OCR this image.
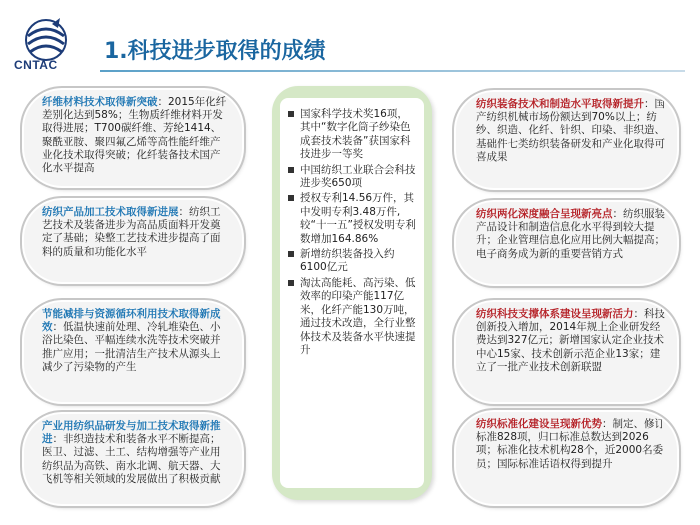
CNTAC
1.科技进步取得的成绩
纤维材料技术取得新突破：2015年化纤差别化达到58%；生物质纤维材料开发取得进展；T700碳纤维、芳纶1414、聚酰亚胺、聚四氟乙烯等高性能纤维产业化技术取得突破；化纤装备技术国产化水平提高
纺织产品加工技术取得新进展：纺织工艺技术及装备进步为高品质面料开发奠定了基础；染整工艺技术进步提高了面料的质量和功能化水平
节能减排与资源循环利用技术取得新成效：低温快速前处理、冷轧堆染色、小浴比染色、平幅连续水洗等技术突破并推广应用；一批清洁生产技术从源头上减少了污染物的产生
产业用纺织品研发与加工技术取得新推进：非织造技术和装备水平不断提高；医卫、过滤、土工、结构增强等产业用纺织品为高铁、南水北调、航天器、大飞机等相关领域的发展做出了积极贡献
国家科学技术奖16项，其中“数字化筒子纱染色成套技术装备”获国家科技进步一等奖
中国纺织工业联合会科技进步奖650项
授权专利14.56万件，其中发明专利3.48万件,较“十一五”授权发明专利数增加164.86%
新增纺织装备投入约6100亿元
淘汰高能耗、高污染、低效率的印染产能117亿米，化纤产能130万吨，通过技术改造，全行业整体技术及装备水平快速提升
纺织装备技术和制造水平取得新提升：国产纺织机械市场份额达到70%以上；纺纱、织造、化纤、针织、印染、非织造、基础件七类纺织装备研发和产业化取得可喜成果
纺织两化深度融合呈现新亮点：纺织服装产品设计和制造信息化水平得到较大提升；企业管理信息化应用比例大幅提高；电子商务成为新的重要营销方式
纺织科技支撑体系建设呈现新活力：科技创新投入增加，2014年规上企业研发经费达到327亿元；新增国家认定企业技术中心15家、技术创新示范企业13家；建立了一批产业技术创新联盟
纺织标准化建设呈现新优势：制定、修订标准828项，归口标准总数达到2026项；标准化技术机构28个，近2000名委员；国际标准话语权得到提升
